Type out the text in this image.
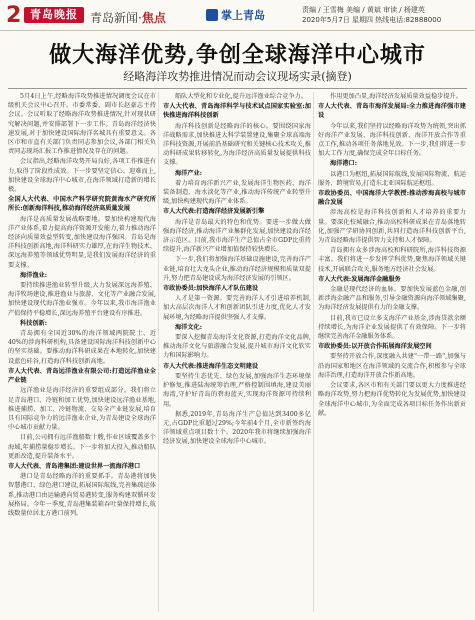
2 青岛晚报	青岛新闻·焦点	掌上青岛	责编 / 王雪梅 美编 / 黄斌 审读 / 杨建英
2020年5月7日 星期四 热线电话:82888000
做大海洋优势,争创全球海洋中心城市
经略海洋攻势推进情况而动会议现场实录(摘登)

5月4日上午,经略海洋攻势推进情况调度会议在市级机关会议中心召开。市委常委、副市长赵豪志主持会议。会议听取了经略海洋攻势推进情况,针对现状研究解决问题,并安排部署下一步工作。青岛海洋经济快速发展,对于加快建设国际海洋名城具有重要意义。各区市和市直有关部门负责同志参加会议,各部门相关负责同志现场汇报工作推进情况及存在的问题。

会议指出,经略海洋攻势开局良好,各项工作推进有力,取得了阶段性成效。下一步要坚定信心、迎难而上,加快建设全球海洋中心城市,在海洋领域打造新的增长极。

全国人大代表、中国水产科学研究院黄海水产研究所所长:创新海洋科技,推动海洋经济高质量发展

海洋是高质量发展战略要地。要加快构建现代海洋产业体系,着力提高海洋资源开发能力,着力推动海洋经济向质量效益型转变,加快建设海洋强国。青岛是海洋科技创新高地,海洋科研实力雄厚,在海洋生物技术、深远海养殖等领域优势明显,是我们发展海洋经济的重要支撑。

海洋渔业:

要持续推进渔业转型升级,大力发展深远海养殖、海洋牧场建设,推进渔业与旅游、文化等产业融合发展,加快建设现代海洋渔业强市。今年以来,我市海洋渔业产值保持平稳增长,深远海养殖平台建设有序推进。

科技创新:

青岛拥有全国近30%的海洋领域两院院士、近40%的涉海科研机构,具备建设国际海洋科技创新中心的坚实基础。要推动海洋科研成果在本地转化,加快建设蓝色硅谷,打造海洋科技创新高地。

市人大代表、青岛远洋渔业有限公司:打造远洋渔业全产业链

远洋渔业是海洋经济的重要组成部分。我们将立足青岛港口、冷链和加工优势,加快建设远洋渔业基地,推进捕捞、加工、冷链物流、交易全产业链发展,培育具有国际竞争力的远洋渔业企业,为青岛建设全球海洋中心城市贡献力量。

目前,公司拥有远洋渔船数十艘,作业区域覆盖多个海域,年捕捞量稳步增长。下一步将加大投入,推动船队更新改造,提升装备水平。

市人大代表、青岛港集团:建设世界一流海洋港口

港口是青岛经略海洋的重要抓手。青岛港将加快智慧港口、绿色港口建设,拓展国际航线,完善集疏运体系,推动港口由运输港向贸易港转变,服务构建双循环发展格局。今年一季度,青岛港集装箱吞吐量保持增长,航线数量位居北方港口前列。

船队大型化和专业化,提升远洋渔业综合竞争力。

市人大代表、青岛海洋科学与技术试点国家实验室:加快推进海洋科技创新

海洋科技创新是经略海洋的核心。要围绕国家海洋战略需求,加快推进大科学装置建设,集聚全球高端海洋科技资源,开展前沿基础研究和关键核心技术攻关,推动科研成果转移转化,为海洋经济高质量发展提供科技支撑。

海洋产业:

着力培育海洋新兴产业,发展海洋生物医药、海洋装备制造、海水淡化等产业,推动海洋传统产业转型升级,加快构建现代海洋产业体系。

市人大代表:打造海洋经济发展新引擎

海洋是青岛最大的特色和优势。要进一步做大做强海洋经济,推动海洋产业集群化发展,加快建设海洋经济示范区。目前,我市海洋生产总值占全市GDP比重持续提升,海洋新兴产业增加值保持较快增长。

下一步,我们将加强海洋基础设施建设,完善海洋产业链,培育壮大龙头企业,推动海洋经济规模和质量双提升,努力把青岛建设成为海洋经济发展的引领区。

市政协委员:加快海洋人才队伍建设

人才是第一资源。要完善海洋人才引进培养机制,加大高层次海洋人才和创新团队引进力度,优化人才发展环境,为经略海洋提供坚强人才支撑。

海洋文化:

要深入挖掘青岛海洋文化资源,打造海洋文化品牌,推动海洋文化与旅游融合发展,提升城市海洋文化软实力和国际影响力。

市人大代表:推进海洋生态文明建设

要坚持生态优先、绿色发展,加强海洋生态环境保护修复,推进陆海统筹治理,严格控制围填海,建设美丽海湾,守护好青岛的碧海蓝天,实现海洋资源可持续利用。

据悉,2019年,青岛海洋生产总值达到3400多亿元,占GDP比重超过29%;今年前4个月,全市新签约海洋领域重点项目数十个。2020年我市将继续加强海洋经济发展,加快建设全球海洋中心城市。

作用更加凸显,海洋经济发展质量效益稳步提升。

市人大代表、青岛市海洋发展局:全力推进海洋强市建设

今年以来,我们坚持以经略海洋攻势为统领,突出抓好海洋产业发展、海洋科技创新、海洋开放合作等重点工作,推动各项任务落地见效。下一步,我们将进一步加大工作力度,确保完成全年目标任务。

海洋港口:

以港口为枢纽,拓展国际航线,发展国际物流、航运服务、跨境贸易,打造东北亚国际航运枢纽。

市政协委员、中国海洋大学教授:推动涉海高校与城市融合发展

涉海高校是海洋科技创新和人才培养的重要力量。要深化校城融合,推动高校科研成果在青岛落地转化,加强产学研协同创新,共同打造海洋科技创新平台,为青岛经略海洋提供智力支持和人才保障。

青岛拥有众多涉海高校和科研院所,海洋科技资源丰富。我们将进一步发挥学科优势,聚焦海洋领域关键技术,开展联合攻关,服务地方经济社会发展。

市人大代表:发展海洋金融服务

金融是现代经济的血脉。要加快发展蓝色金融,创新涉海金融产品和服务,引导金融资源向海洋领域集聚,为海洋经济发展提供有力的金融支撑。

目前,我市已设立多支海洋产业基金,涉海贷款余额持续增长,为海洋企业发展提供了有效保障。下一步将继续完善海洋金融服务体系。

市政协委员:以开放合作拓展海洋发展空间

要坚持开放合作,深度融入共建"一带一路",加强与沿海国家和地区在海洋领域的交流合作,积极参与全球海洋治理,打造海洋开放合作新高地。

会议要求,各区市和有关部门要以更大力度推进经略海洋攻势,努力把海洋优势转化为发展优势,加快建设全球海洋中心城市,为全面完成各项目标任务作出新贡献。
